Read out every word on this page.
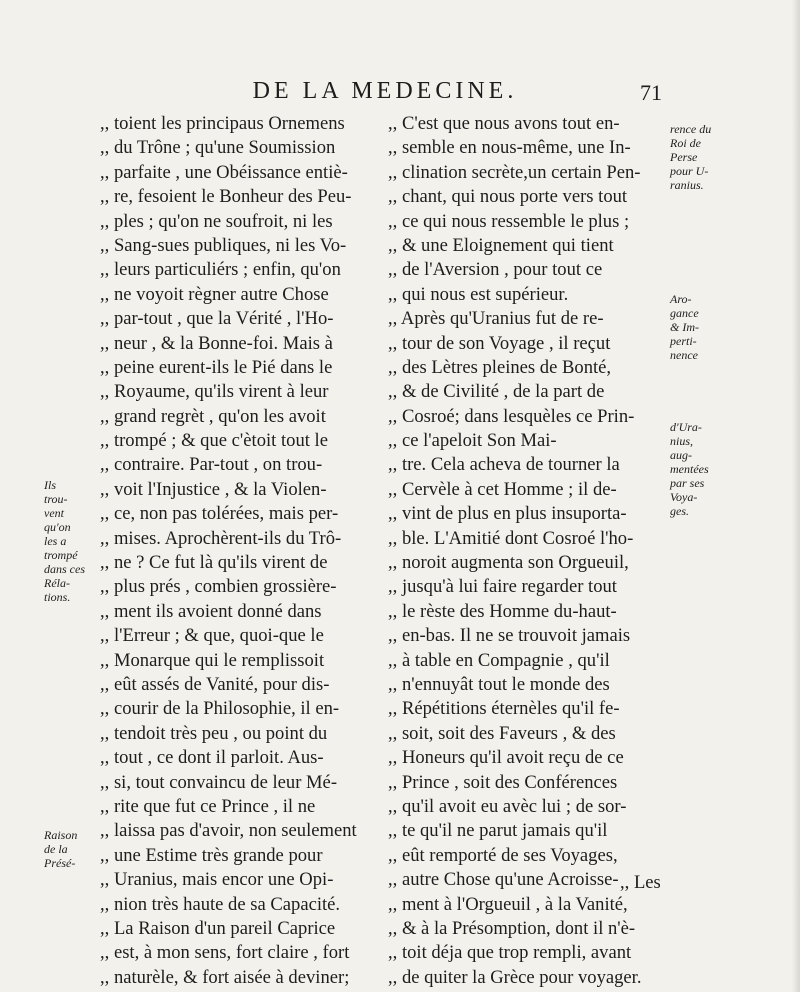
DE LA MEDECINE.	71
,, toient les principaus Ornemens
,, du Trône ; qu'une Soumission
,, parfaite , une Obéissance entiè-
,, re, fesoient le Bonheur des Peu-
,, ples ; qu'on ne soufroit, ni les
,, Sang-sues publiques, ni les Vo-
,, leurs particuliérs ; enfin, qu'on
,, ne voyoit règner autre Chose
,, par-tout , que la Vérité , l'Ho-
,, neur , & la Bonne-foi. Mais à
,, peine eurent-ils le Pié dans le
,, Royaume, qu'ils virent à leur
,, grand regrèt , qu'on les avoit
,, trompé ; & que c'ètoit tout le
,, contraire. Par-tout , on trou-
,, voit l'Injustice , & la Violen-
,, ce, non pas tolérées, mais per-
,, mises. Aprochèrent-ils du Trô-
,, ne ? Ce fut là qu'ils virent de
,, plus prés , combien grossière-
,, ment ils avoient donné dans
,, l'Erreur ; & que, quoi-que le
,, Monarque qui le remplissoit
,, eût assés de Vanité, pour dis-
,, courir de la Philosophie, il en-
,, tendoit très peu , ou point du
,, tout , ce dont il parloit. Aus-
,, si, tout convaincu de leur Mé-
,, rite que fut ce Prince , il ne
,, laissa pas d'avoir, non seulement
,, une Estime très grande pour
,, Uranius, mais encor une Opi-
,, nion très haute de sa Capacité.
,, La Raison d'un pareil Caprice
,, est, à mon sens, fort claire , fort
,, naturèle, & fort aisée à deviner;
,, C'est que nous avons tout en-
,, semble en nous-même, une In-
,, clination secrète,un certain Pen-
,, chant, qui nous porte vers tout
,, ce qui nous ressemble le plus ;
,, & une Eloignement qui tient
,, de l'Aversion , pour tout ce
,, qui nous est supérieur.
,, Après qu'Uranius fut de re-
,, tour de son Voyage , il reçut
,, des Lètres pleines de Bonté,
,, & de Civilité , de la part de
,, Cosroé; dans lesquèles ce Prin-
,, ce l'apeloit Son Mai-
,, tre. Cela acheva de tourner la
,, Cervèle à cet Homme ; il de-
,, vint de plus en plus insuporta-
,, ble. L'Amitié dont Cosroé l'ho-
,, noroit augmenta son Orgueuil,
,, jusqu'à lui faire regarder tout
,, le rèste des Homme du-haut-
,, en-bas. Il ne se trouvoit jamais
,, à table en Compagnie , qu'il
,, n'ennuyât tout le monde des
,, Répétitions éternèles qu'il fe-
,, soit, soit des Faveurs , & des
,, Honeurs qu'il avoit reçu de ce
,, Prince , soit des Conférences
,, qu'il avoit eu avèc lui ; de sor-
,, te qu'il ne parut jamais qu'il
,, eût remporté de ses Voyages,
,, autre Chose qu'une Acroisse-
,, ment à l'Orgueuil , à la Vanité,
,, & à la Présomption, dont il n'è-
,, toit déja que trop rempli, avant
,, de quiter la Grèce pour voyager.
,, Les
Ils
trou-
vent
qu'on
les a
trompé
dans ces
Réla-
tions.
Raison
de la
Présé-
rence du
Roi de
Perse
pour U-
ranius.
Aro-
gance
& Im-
perti-
nence
d'Ura-
nius,
aug-
mentées
par ses
Voya-
ges.
